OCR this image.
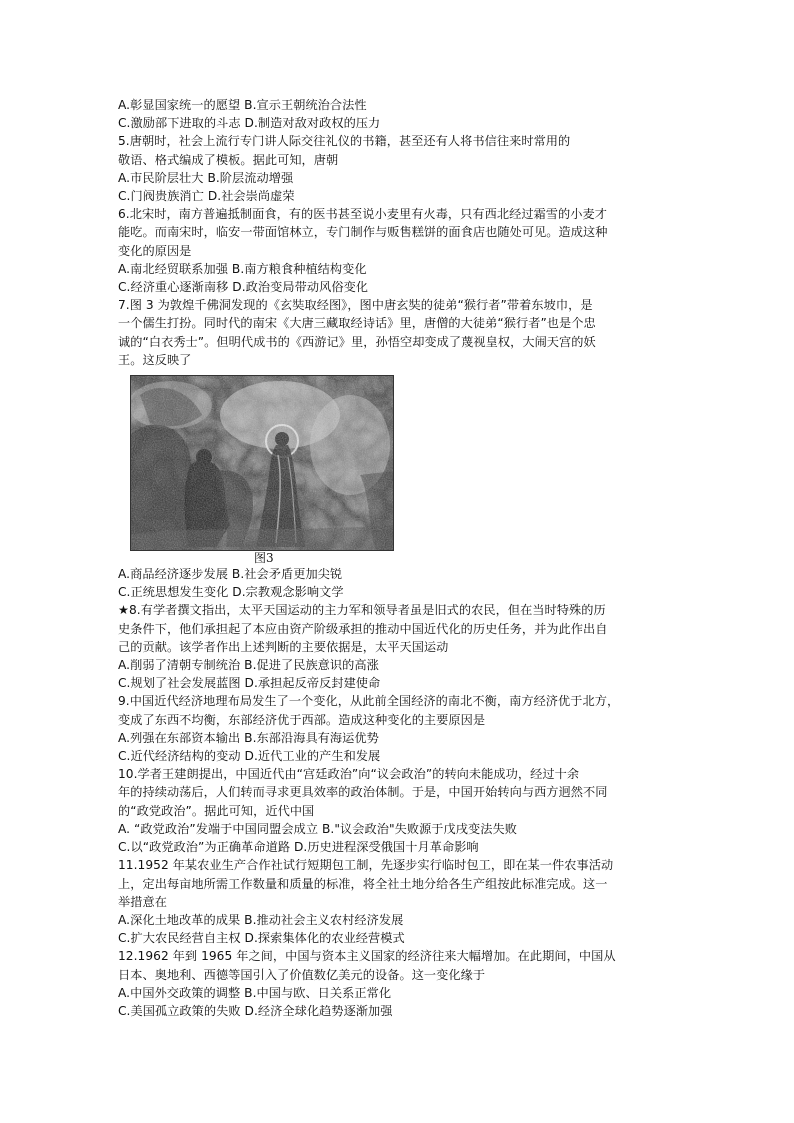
A.彰显国家统一的愿望 B.宣示王朝统治合法性
C.激励部下进取的斗志 D.制造对敌对政权的压力
5.唐朝时，社会上流行专门讲人际交往礼仪的书籍，甚至还有人将书信往来时常用的
敬语、格式编成了模板。据此可知，唐朝
A.市民阶层壮大 B.阶层流动增强
C.门阀贵族消亡 D.社会崇尚虚荣
6.北宋时，南方普遍抵制面食，有的医书甚至说小麦里有火毒，只有西北经过霜雪的小麦才
能吃。而南宋时，临安一带面馆林立，专门制作与贩售糕饼的面食店也随处可见。造成这种
变化的原因是
A.南北经贸联系加强 B.南方粮食种植结构变化
C.经济重心逐渐南移 D.政治变局带动风俗变化
7.图 3 为敦煌千佛洞发现的《玄奘取经图》，图中唐玄奘的徒弟“猴行者”带着东坡巾，是
一个儒生打扮。同时代的南宋《大唐三藏取经诗话》里，唐僧的大徒弟“猴行者”也是个忠
诚的“白衣秀士”。但明代成书的《西游记》里，孙悟空却变成了蔑视皇权，大闹天宫的妖
王。这反映了
图3
A.商品经济逐步发展 B.社会矛盾更加尖锐
C.正统思想发生变化 D.宗教观念影响文学
★8.有学者撰文指出，太平天国运动的主力军和领导者虽是旧式的农民，但在当时特殊的历
史条件下，他们承担起了本应由资产阶级承担的推动中国近代化的历史任务，并为此作出自
己的贡献。该学者作出上述判断的主要依据是，太平天国运动
A.削弱了清朝专制统治 B.促进了民族意识的高涨
C.规划了社会发展蓝图 D.承担起反帝反封建使命
9.中国近代经济地理布局发生了一个变化，从此前全国经济的南北不衡，南方经济优于北方，
变成了东西不均衡，东部经济优于西部。造成这种变化的主要原因是
A.列强在东部资本输出 B.东部沿海具有海运优势
C.近代经济结构的变动 D.近代工业的产生和发展
10.学者王建朗提出，中国近代由“宫廷政治”向“议会政治”的转向未能成功，经过十余
年的持续动荡后，人们转而寻求更具效率的政治体制。于是，中国开始转向与西方迥然不同
的“政党政治”。据此可知，近代中国
A. “政党政治”发端于中国同盟会成立 B."议会政治"失败源于戊戌变法失败
C.以“政党政治”为正确革命道路 D.历史进程深受俄国十月革命影响
11.1952 年某农业生产合作社试行短期包工制，先逐步实行临时包工，即在某一件农事活动
上，定出每亩地所需工作数量和质量的标准，将全社土地分给各生产组按此标准完成。这一
举措意在
A.深化土地改革的成果 B.推动社会主义农村经济发展
C.扩大农民经营自主权 D.探索集体化的农业经营模式
12.1962 年到 1965 年之间，中国与资本主义国家的经济往来大幅增加。在此期间，中国从
日本、奥地利、西德等国引入了价值数亿美元的设备。这一变化缘于
A.中国外交政策的调整 B.中国与欧、日关系正常化
C.美国孤立政策的失败 D.经济全球化趋势逐渐加强
